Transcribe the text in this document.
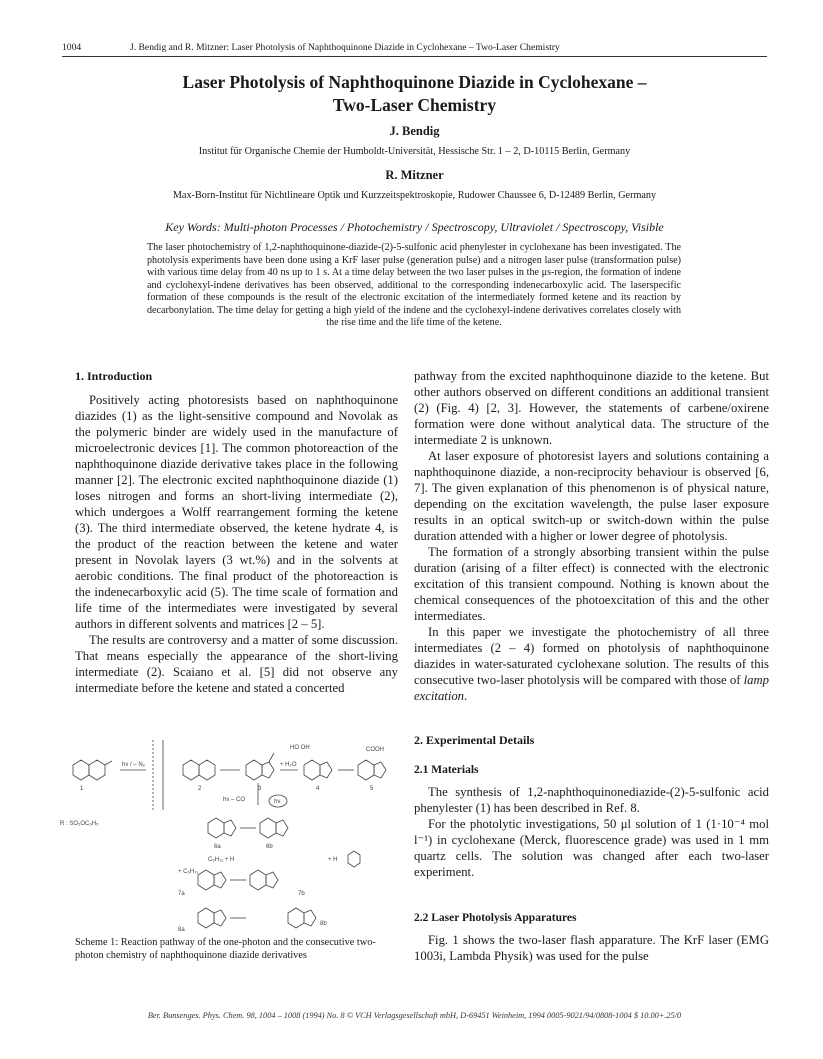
1004	J. Bendig and R. Mitzner: Laser Photolysis of Naphthoquinone Diazide in Cyclohexane – Two-Laser Chemistry
Laser Photolysis of Naphthoquinone Diazide in Cyclohexane –
Two-Laser Chemistry
J. Bendig
Institut für Organische Chemie der Humboldt-Universität, Hessische Str. 1 – 2, D-10115 Berlin, Germany
R. Mitzner
Max-Born-Institut für Nichtlineare Optik und Kurzzeitspektroskopie, Rudower Chaussee 6, D-12489 Berlin, Germany
Key Words: Multi-photon Processes / Photochemistry / Spectroscopy, Ultraviolet / Spectroscopy, Visible
The laser photochemistry of 1,2-naphthoquinone-diazide-(2)-5-sulfonic acid phenylester in cyclohexane has been investigated. The photolysis experiments have been done using a KrF laser pulse (generation pulse) and a nitrogen laser pulse (transformation pulse) with various time delay from 40 ns up to 1 s. At a time delay between the two laser pulses in the μs-region, the formation of indene and cyclohexyl-indene derivatives has been observed, additional to the corresponding indenecarboxylic acid. The laserspecific formation of these compounds is the result of the electronic excitation of the intermediately formed ketene and its reaction by decarbonylation. The time delay for getting a high yield of the indene and the cyclohexyl-indene derivatives correlates closely with the rise time and the life time of the ketene.
1. Introduction

Positively acting photoresists based on naphthoquinone diazides (1) as the light-sensitive compound and Novolak as the polymeric binder are widely used in the manufacture of microelectronic devices [1]. The common photoreaction of the naphthoquinone diazide derivative takes place in the following manner [2]. The electronic excited naphthoquinone diazide (1) loses nitrogen and forms an short-living intermediate (2), which undergoes a Wolff rearrangement forming the ketene (3). The third intermediate observed, the ketene hydrate 4, is the product of the reaction between the ketene and water present in Novolak layers (3 wt.%) and in the solvents at aerobic conditions. The final product of the photoreaction is the indenecarboxylic acid (5). The time scale of formation and life time of the intermediates were investigated by several authors in different solvents and matrices [2 – 5].

The results are controversy and a matter of some discussion. That means especially the appearance of the short-living intermediate (2). Scaiano et al. [5] did not observe any intermediate before the ketene and stated a concerted

pathway from the excited naphthoquinone diazide to the ketene. But other authors observed on different conditions an additional transient (2) (Fig. 4) [2, 3]. However, the statements of carbene/oxirene formation were done without analytical data. The structure of the intermediate 2 is unknown.

At laser exposure of photoresist layers and solutions containing a naphthoquinone diazide, a non-reciprocity behaviour is observed [6, 7]. The given explanation of this phenomenon is of physical nature, depending on the excitation wavelength, the pulse laser exposure results in an optical switch-up or switch-down within the pulse duration attended with a higher or lower degree of photolysis.

The formation of a strongly absorbing transient within the pulse duration (arising of a filter effect) is connected with the electronic excitation of this transient compound. Nothing is known about the chemical consequences of the photoexcitation of this and the other intermediates.

In this paper we investigate the photochemistry of all three intermediates (2 – 4) formed on photolysis of naphthoquinone diazides in water-saturated cyclohexane solution. The results of this consecutive two-laser photolysis will be compared with those of lamp excitation.

2. Experimental Details
2.1 Materials

The synthesis of 1,2-naphthoquinonediazide-(2)-5-sulfonic acid phenylester (1) has been described in Ref. 8.

For the photolytic investigations, 50 μl solution of 1 (1·10⁻⁴ mol l⁻¹) in cyclohexane (Merck, fluorescence grade) was used in 1 mm quartz cells. The solution was changed after each two-laser experiment.

2.2 Laser Photolysis Apparatures

Fig. 1 shows the two-laser flash apparature. The KrF laser (EMG 1003i, Lambda Physik) was used for the pulse

1
hν / – N₂
2	3
+ H₂O
HO OH
4
COOH
5
hν – CO	hν
R : SO₂OC₆H₅
6a	6b
C₆H₁₁ + H	+ H
7a
+ C₆H₁₁
7b
8a
8b
Scheme 1: Reaction pathway of the one-photon and the consecutive two-photon chemistry of naphthoquinone diazide derivatives
Ber. Bunsenges. Phys. Chem. 98, 1004 – 1008 (1994) No. 8 © VCH Verlagsgesellschaft mbH, D-69451 Weinheim, 1994 0005-9021/94/0808-1004 $ 10.00+.25/0
